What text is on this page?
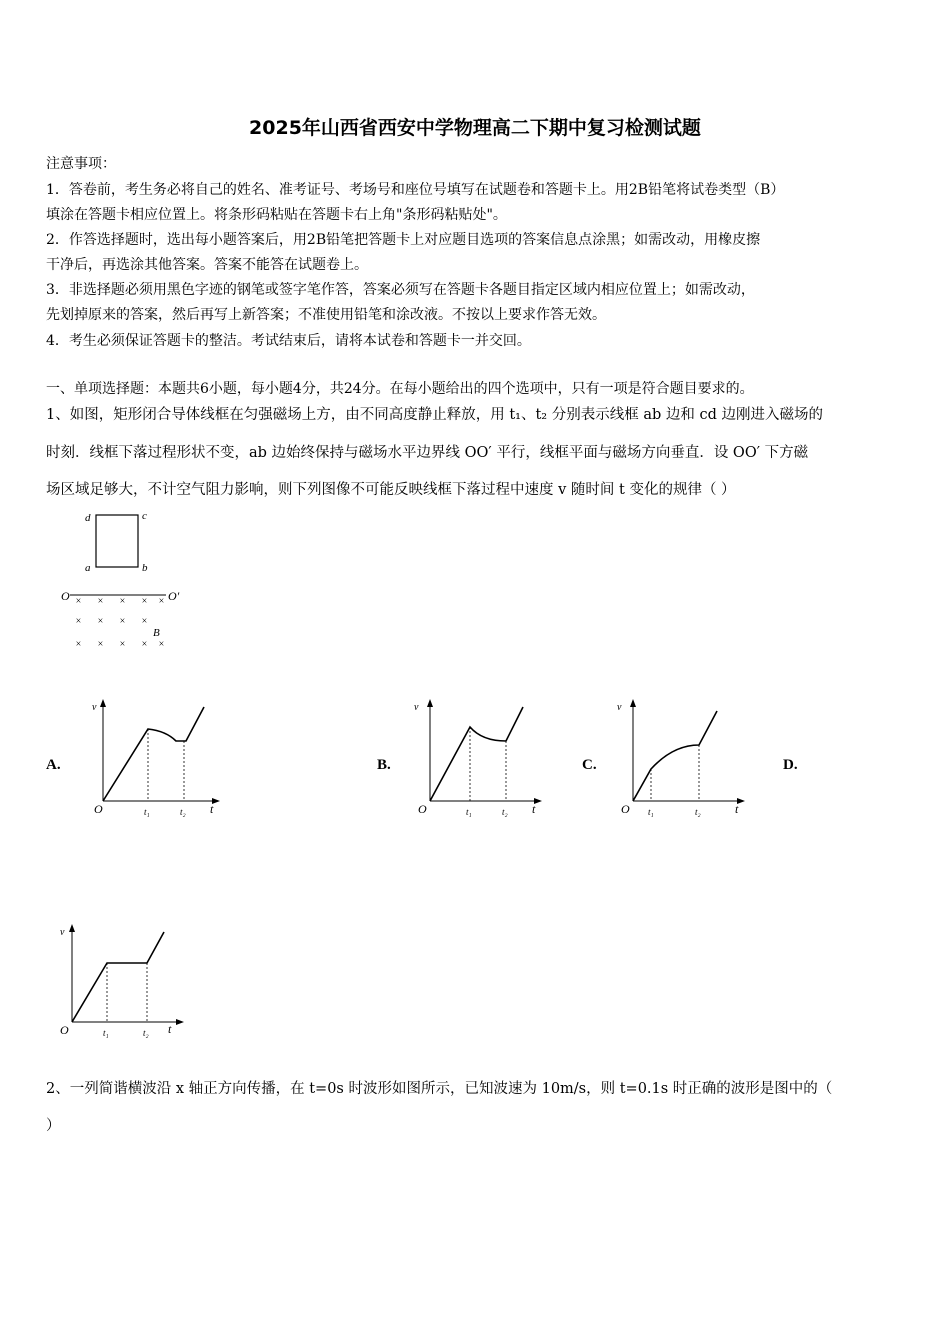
2025年山西省西安中学物理高二下期中复习检测试题
注意事项：
1．答卷前，考生务必将自己的姓名、准考证号、考场号和座位号填写在试题卷和答题卡上。用2B铅笔将试卷类型（B）
填涂在答题卡相应位置上。将条形码粘贴在答题卡右上角"条形码粘贴处"。
2．作答选择题时，选出每小题答案后，用2B铅笔把答题卡上对应题目选项的答案信息点涂黑；如需改动，用橡皮擦
干净后，再选涂其他答案。答案不能答在试题卷上。
3．非选择题必须用黑色字迹的钢笔或签字笔作答，答案必须写在答题卡各题目指定区域内相应位置上；如需改动，
先划掉原来的答案，然后再写上新答案；不准使用铅笔和涂改液。不按以上要求作答无效。
4．考生必须保证答题卡的整洁。考试结束后，请将本试卷和答题卡一并交回。
一、单项选择题：本题共6小题，每小题4分，共24分。在每小题给出的四个选项中，只有一项是符合题目要求的。
1、如图，矩形闭合导体线框在匀强磁场上方，由不同高度静止释放，用 t₁、t₂ 分别表示线框 ab 边和 cd 边刚进入磁场的
时刻．线框下落过程形状不变，ab 边始终保持与磁场水平边界线 OO′ 平行，线框平面与磁场方向垂直．设 OO′ 下方磁
场区域足够大，不计空气阻力影响，则下列图像不可能反映线框下落过程中速度 v 随时间 t 变化的规律（ ）
d	c
a	b
O	O′
× × × × ×
× × × ×
× × × × ×
B
A.	B.	C.	D.
v
O	t₁	t₂ t
v
O	t₁	t₂ t
v
O t₁	t₂	t
v
O	t₁	t₂ t
2、一列简谐横波沿 x 轴正方向传播，在 t=0s 时波形如图所示，已知波速为 10m/s，则 t=0.1s 时正确的波形是图中的（
）
